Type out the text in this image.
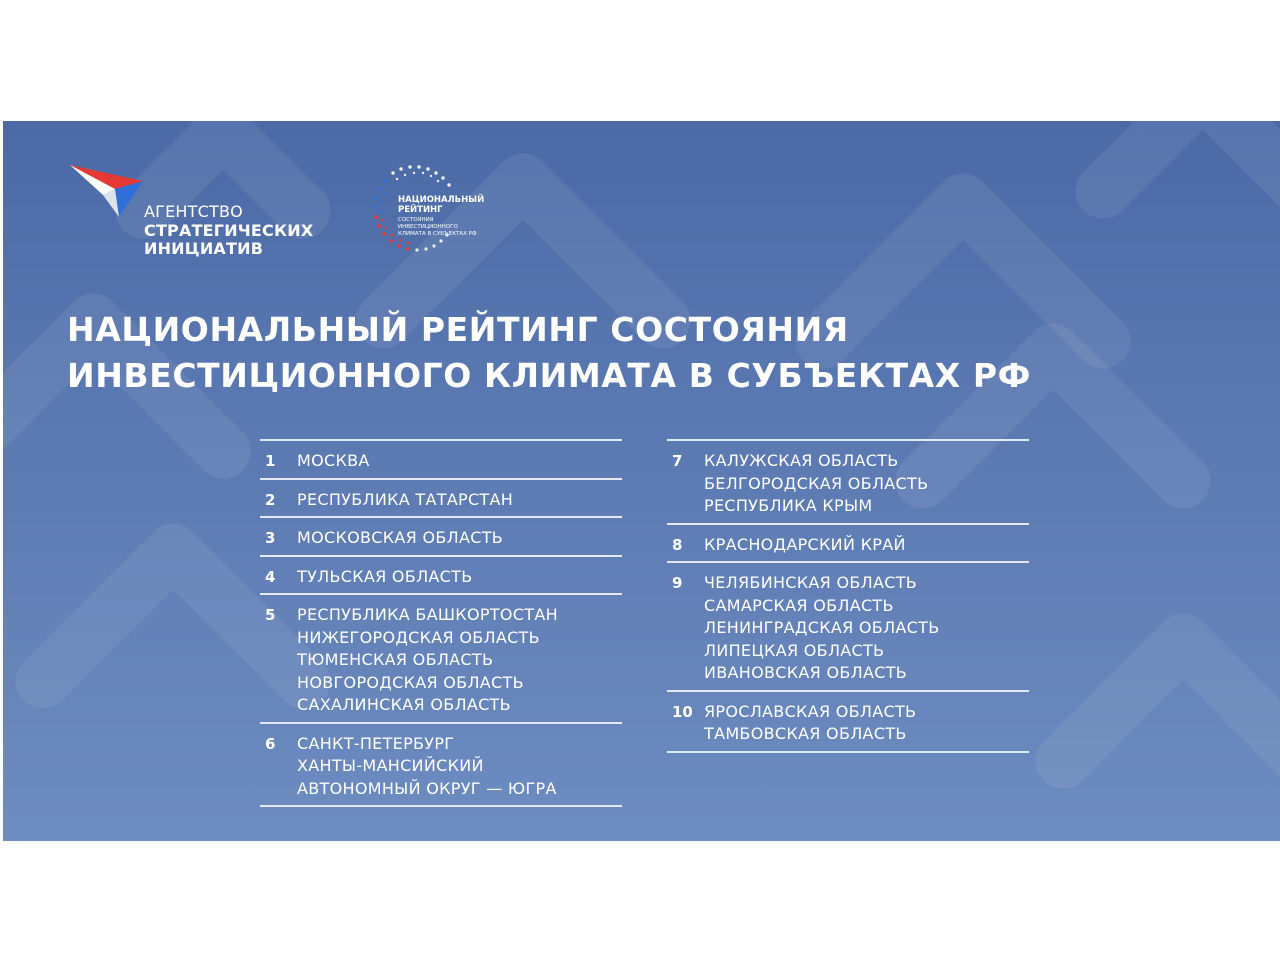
АГЕНТСТВО
СТРАТЕГИЧЕСКИХ
ИНИЦИАТИВ
НАЦИОНАЛЬНЫЙ
РЕЙТИНГ
СОСТОЯНИЯ
ИНВЕСТИЦИОННОГО
КЛИМАТА В СУБЪЕКТАХ РФ
НАЦИОНАЛЬНЫЙ РЕЙТИНГ СОСТОЯНИЯ
ИНВЕСТИЦИОННОГО КЛИМАТА В СУБЪЕКТАХ РФ
1	МОСКВА
2	РЕСПУБЛИКА ТАТАРСТАН
3	МОСКОВСКАЯ ОБЛАСТЬ
4	ТУЛЬСКАЯ ОБЛАСТЬ
5	РЕСПУБЛИКА БАШКОРТОСТАН
НИЖЕГОРОДСКАЯ ОБЛАСТЬ
ТЮМЕНСКАЯ ОБЛАСТЬ
НОВГОРОДСКАЯ ОБЛАСТЬ
САХАЛИНСКАЯ ОБЛАСТЬ
6	САНКТ-ПЕТЕРБУРГ
ХАНТЫ-МАНСИЙСКИЙ
АВТОНОМНЫЙ ОКРУГ — ЮГРА
7	КАЛУЖСКАЯ ОБЛАСТЬ
БЕЛГОРОДСКАЯ ОБЛАСТЬ
РЕСПУБЛИКА КРЫМ
8	КРАСНОДАРСКИЙ КРАЙ
9	ЧЕЛЯБИНСКАЯ ОБЛАСТЬ
САМАРСКАЯ ОБЛАСТЬ
ЛЕНИНГРАДСКАЯ ОБЛАСТЬ
ЛИПЕЦКАЯ ОБЛАСТЬ
ИВАНОВСКАЯ ОБЛАСТЬ
10 ЯРОСЛАВСКАЯ ОБЛАСТЬ
ТАМБОВСКАЯ ОБЛАСТЬ
